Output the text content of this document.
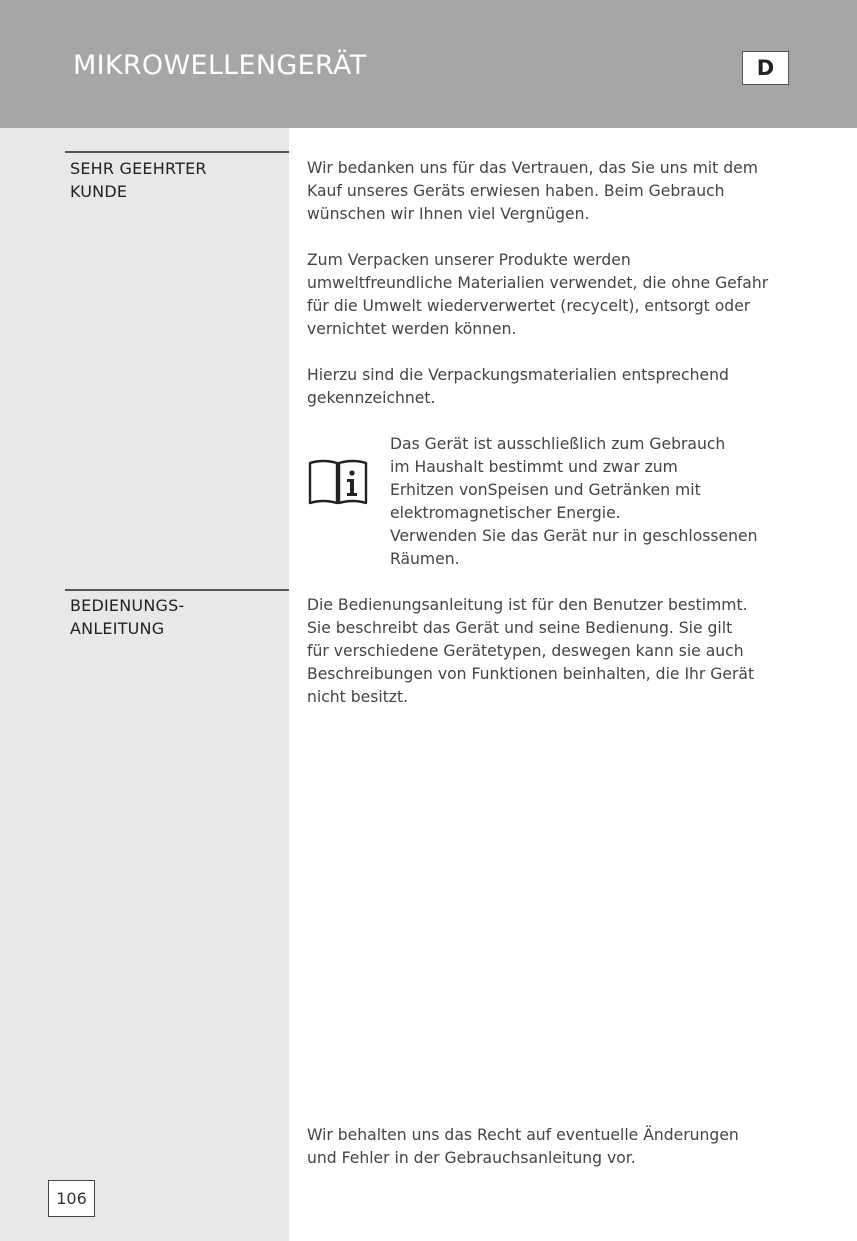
MIKROWELLENGERÄT	D
SEHR GEEHRTER
KUNDE
Wir bedanken uns für das Vertrauen, das Sie uns mit dem
Kauf unseres Geräts erwiesen haben. Beim Gebrauch
wünschen wir Ihnen viel Vergnügen.
Zum Verpacken unserer Produkte werden
umweltfreundliche Materialien verwendet, die ohne Gefahr
für die Umwelt wiederverwertet (recycelt), entsorgt oder
vernichtet werden können.
Hierzu sind die Verpackungsmaterialien entsprechend
gekennzeichnet.
Das Gerät ist ausschließlich zum Gebrauch
im Haushalt bestimmt und zwar zum
Erhitzen vonSpeisen und Getränken mit
elektromagnetischer Energie.
Verwenden Sie das Gerät nur in geschlossenen
Räumen.
BEDIENUNGS-
ANLEITUNG
Die Bedienungsanleitung ist für den Benutzer bestimmt.
Sie beschreibt das Gerät und seine Bedienung. Sie gilt
für verschiedene Gerätetypen, deswegen kann sie auch
Beschreibungen von Funktionen beinhalten, die Ihr Gerät
nicht besitzt.
Wir behalten uns das Recht auf eventuelle Änderungen
und Fehler in der Gebrauchsanleitung vor.
106
